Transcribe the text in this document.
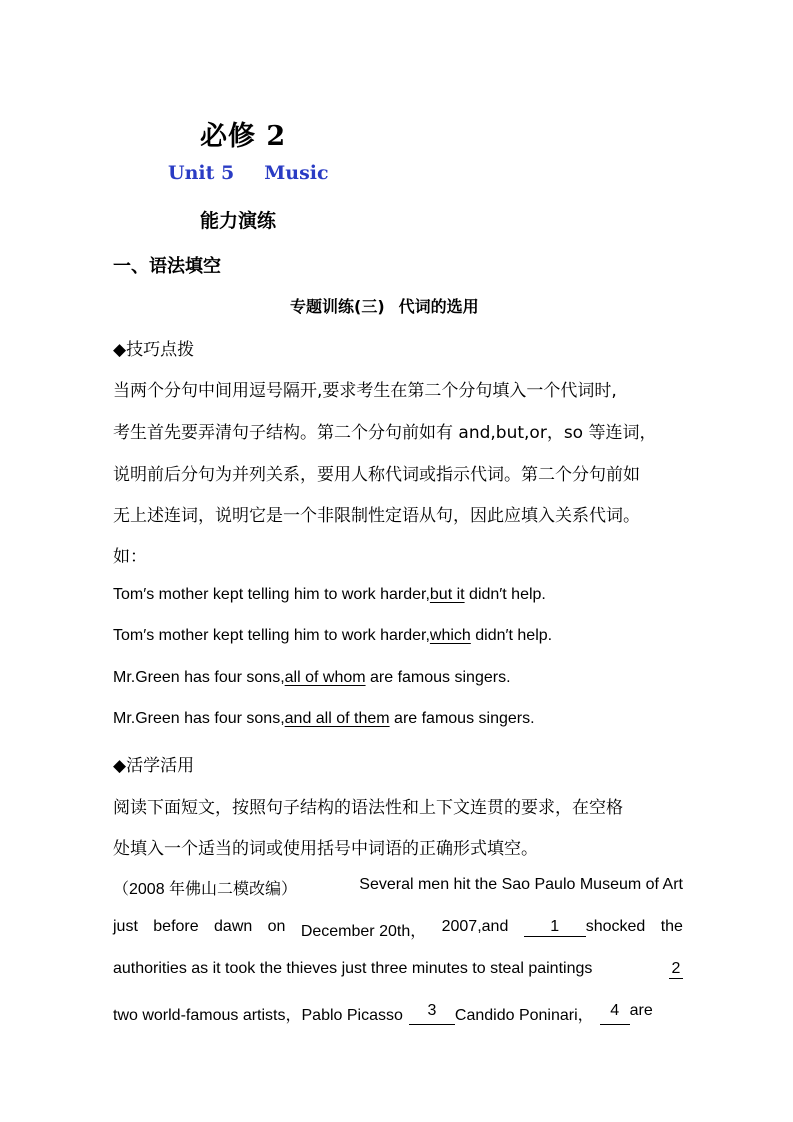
必修 2
Unit 5 Music
能力演练
一、语法填空
专题训练(三) 代词的选用
◆技巧点拨
当两个分句中间用逗号隔开,要求考生在第二个分句填入一个代词时,
考生首先要弄清句子结构。第二个分句前如有 and,but,or，so 等连词，
说明前后分句为并列关系，要用人称代词或指示代词。第二个分句前如
无上述连词，说明它是一个非限制性定语从句，因此应填入关系代词。
如：
Tom′s mother kept telling him to work harder,but it didn′t help.
Tom′s mother kept telling him to work harder,which didn′t help.
Mr.Green has four sons,all of whom are famous singers.
Mr.Green has four sons,and all of them are famous singers.
◆活学活用
阅读下面短文，按照句子结构的语法性和上下文连贯的要求，在空格
处填入一个适当的词或使用括号中词语的正确形式填空。
（2008 年佛山二模改编）	Several men hit the Sao Paulo Museum of Art
just before dawn on December 20th， 2007,and	1 shocked the
authorities as it took the thieves just three minutes to steal paintings	2
two world-famous artists，Pablo Picasso	3	Candido Poninari，	4 are
